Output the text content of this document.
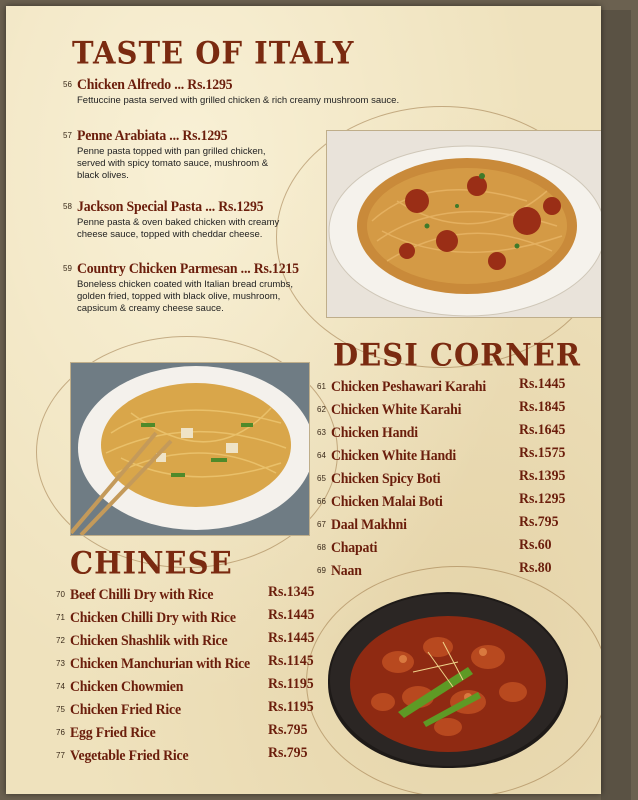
TASTE OF ITALY
56 Chicken Alfredo ... Rs.1295
Fettuccine pasta served with grilled chicken & rich creamy mushroom sauce.
57 Penne Arabiata ... Rs.1295
Penne pasta topped with pan grilled chicken,
served with spicy tomato sauce, mushroom &
black olives.
58 Jackson Special Pasta ... Rs.1295
Penne pasta & oven baked chicken with creamy
cheese sauce, topped with cheddar cheese.
59 Country Chicken Parmesan ... Rs.1215
Boneless chicken coated with Italian bread crumbs,
golden fried, topped with black olive, mushroom,
capsicum & creamy cheese sauce.
DESI CORNER
61 Chicken Peshawari Karahi	Rs.1445
62 Chicken White Karahi	Rs.1845
63 Chicken Handi	Rs.1645
64 Chicken White Handi	Rs.1575
65 Chicken Spicy Boti	Rs.1395
66 Chicken Malai Boti	Rs.1295
67 Daal Makhni	Rs.795
68 Chapati	Rs.60
69 Naan	Rs.80
CHINESE
70 Beef Chilli Dry with Rice	Rs.1345
71 Chicken Chilli Dry with Rice	Rs.1445
72 Chicken Shashlik with Rice	Rs.1445
73 Chicken Manchurian with Rice	Rs.1145
74 Chicken Chowmien	Rs.1195
75 Chicken Fried Rice	Rs.1195
76 Egg Fried Rice	Rs.795
77 Vegetable Fried Rice	Rs.795
